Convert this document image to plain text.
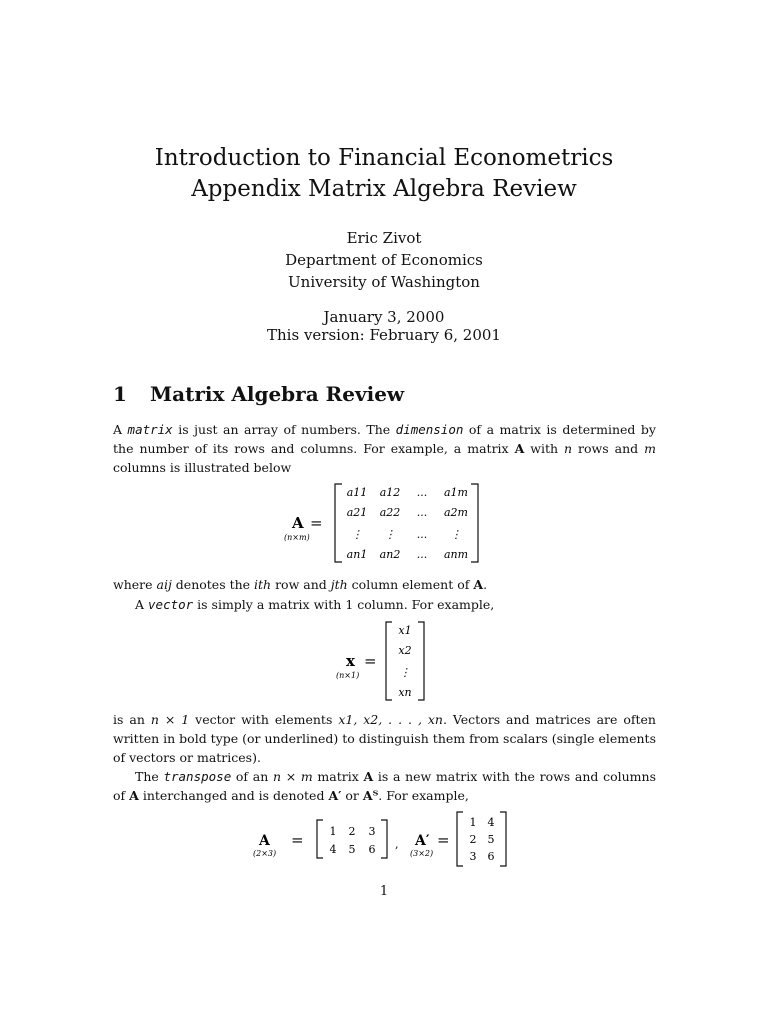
Introduction to Financial Econometrics
Appendix Matrix Algebra Review
Eric Zivot
Department of Economics
University of Washington
January 3, 2000
This version: February 6, 2001
1 Matrix Algebra Review
A matrix is just an array of numbers. The dimension of a matrix is determined by the number of its rows and columns. For example, a matrix A with n rows and m columns is illustrated below
A =
(n×m)
a11 a12 ... a1m
a21 a22 ... a2m
⋮ ⋮ ... ⋮
an1 an2 ... anm
where aij denotes the ith row and jth column element of A.
A vector is simply a matrix with 1 column. For example,
x =
(n×1)
x1
x2
⋮
xn
is an n × 1 vector with elements x1, x2, . . . , xn. Vectors and matrices are often written in bold type (or underlined) to distinguish them from scalars (single elements of vectors or matrices).
The transpose of an n × m matrix A is a new matrix with the rows and columns of A interchanged and is denoted A′ or Aᵀ. For example,
A
(2×3)
= 1 2 3
4 5 6 , A′
(3×2)
=
1 4
2 5
3 6
1
